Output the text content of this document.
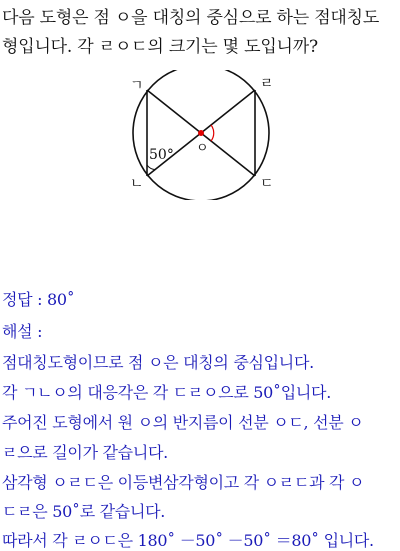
다음 도형은 점 ㅇ을 대칭의 중심으로 하는 점대칭도
형입니다. 각 ㄹㅇㄷ의 크기는 몇 도입니까?
ㄱ	ㄹ
ㄴ	ㄷ
ㅇ
50°
정답 : 80˚
해설 :
점대칭도형이므로 점 ㅇ은 대칭의 중심입니다.
각 ㄱㄴㅇ의 대응각은 각 ㄷㄹㅇ으로 50˚입니다.
주어진 도형에서 원 ㅇ의 반지름이 선분 ㅇㄷ, 선분 ㅇ
ㄹ으로 길이가 같습니다.
삼각형 ㅇㄹㄷ은 이등변삼각형이고 각 ㅇㄹㄷ과 각 ㅇ
ㄷㄹ은 50˚로 같습니다.
따라서 각 ㄹㅇㄷ은 180˚ －50˚ －50˚ ＝80˚ 입니다.
